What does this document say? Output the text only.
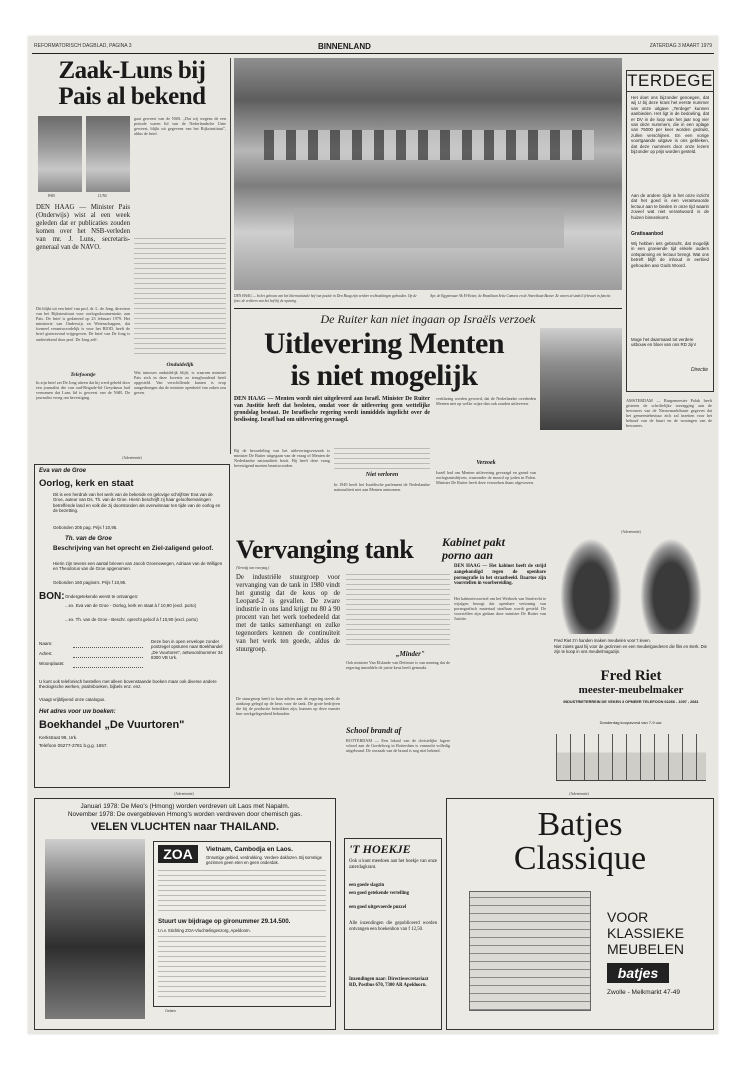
REFORMATORISCH DAGBLAD, PAGINA 3	BINNENLAND	ZATERDAG 3 MAART 1979
Zaak-Luns bij
Pais al bekend
PAIS	LUNS
DEN HAAG — Minister Pais (Onderwijs) wist al een week geleden dat er publicaties zouden komen over het NSB-verleden van mr. J. Luns, secretaris-generaal van de NAVO.
Dit blijkt uit een brief van prof. dr. L. de Jong, directeur van het Rijksinstituut voor oorlogsdocumentatie, aan Pais. De brief is gedateerd op 23 februari 1979. Het ministerie van Onderwijs en Wetenschappen, dat formeel verantwoordelijk is voor het RIOD, heeft de brief gisteravond vrijgegeven. De brief van De Jong is ondertekend door prof. De Jong zelf.
Telefoontje
In zijn brief zet De Jong uiteen dat hij werd gebeld door een journalist die van oud-Brigade-lid Greydanus had vernomen dat Luns lid is geweest van de NSB. De journalist vroeg om bevestiging.
gaat geweest van de NSB. „Dat wij wegens de een periode waren lid van de Nederlandsche Unie geweest, blijkt uit gegevens van het Rijksinstituut", aldus de brief.
Onduidelijk
Wat intussen onduidelijk blijft, is waarom minister Pais zich in deze kwestie zo terughoudend heeft opgesteld. Van verschillende kanten is erop aangedrongen dat de minister openheid van zaken zou geven.
DEN HAAG — In het gebouw van het Internationale hof van justitie in Den Haag zijn verdere rechtszittingen gehouden. Op de foto: de rechters van het hof bij de opening.
Apr. de Egyptenaar Ab El-Erian; de Braziliaan Sette Camara en de Amerikaan Baxter. Ze waren al sinds 6 februari in functie.
TERDEGE
Het doet ons bijzonder genoegen, dat wij U bij deze krant het eerste nummer van onze uitgave „Terdege" kunnen aanbieden. Het ligt in de bedoeling, dat er DV in de loop van het jaar nog vier van deze nummers, die in een oplage van 75000 per keer worden gedrukt, zullen verschijnen. En een vorige voortgaande uitgave is ons gebleken, dat deze nummers door onze lezers bijzonder op prijs worden gesteld.
Aan de andere zijde is het onze inzicht dat het goed is een verantwoorde lectuur aan te bieden in onze tijd waarin zoveel wat niet verantwoord is de huizen binnenkomt.
Gratisaanbod
Wij hebben iets gebracht, dat mogelijk in een groeiende tijd enkele ouders ontspanning en lectuur brengt. Wat ons betreft blijft de inhoud in eerbied gehouden aan Gods Woord.
Moge het daarmaast tot verdere uitbouw en bloei van ons RD zijn!
Directie
AMSTERDAM — Burgemeester Polak heeft gisteren de schriftelijke toezegging aan de bewoners van de Nieuwmarktbuurt gegeven dat het gemeentebestuur zich zal inzetten voor het behoud van de buurt en de woningen van de bewoners.
De Ruiter kan niet ingaan op Israëls verzoek
Uitlevering Menten
is niet mogelijk
DEN HAAG — Menten wordt niet uitgeleverd aan Israël. Minister De Ruiter van Justitie heeft dat besloten, omdat voor de uitlevering geen wettelijke grondslag bestaat. De Israëlische regering wordt inmiddels ingelicht over de beslissing. Israël had om uitlevering gevraagd.
verklaring werden gevoerd, dat de Nederlandse overheden Menten niet op welke wijze dan ook zouden uitleveren.
Bij de beoordeling van het uitleveringsverzoek is minister De Ruiter uitgegaan van de vraag of Menten de Nederlandse nationaliteit bezit. Hij heeft deze vraag bevestigend moeten beantwoorden.
Niet verloren
In 1949 heeft het Israëlische parlement de Nederlandse nationaliteit niet aan Menten ontnomen.
Verzoek
Israël had om Menten uitlevering gevraagd en grond van oorlogsmisdrijven, waaronder de moord op joden in Polen. Minister De Ruiter heeft deze verzoeken thans afgewezen.
(Advertentie)
Eva van de Groe
Oorlog, kerk en staat
Dit is een herdruk van het werk van de bekende en gelovige schrijfster Eva van de Groe, auteur van Ds. Th. van de Groe. Hierin beschrijft zij haar geloofservaringen betreffende land en volk die zij doorstonden als overwinnaar ten tijde van de oorlog en de bezetting.
Gebonden 205 pag. Prijs f 10,95.
Th. van de Groe
Beschrijving van het oprecht en Ziel-zaligend geloof.
Hierin zijn tevens een aantal brieven van Jacob Groenewegen, Adriaan van de Willigen en Theodorus van de Groe opgenomen.
Gebonden 160 pagina's. Prijs f 10,95.
BON: Ondergetekende wenst te ontvangen:
...ex. Eva van de Groe - Oorlog, kerk en staat à f 10,90 (excl. porto)
...ex. Th. van de Groe - Beschr. oprecht geloof à f 10,90 (excl. porto)
Naam:
Adres:
Woonplaats:
Deze bon in open envelope zonder postzegel opsturen naar Boekhandel „De Vuurtoren", antwoordnummer 34 8300 VB Urk.
U kunt ook telefonisch bestellen met alleen bovenstaande boeken maar ook diverse andere theologische werken, psalmboeken, bijbels enz. enz.
Vraagt vrijblijvend onze catalogus.
Het adres voor uw boeken:
Boekhandel „De Vuurtoren"
Kerkstraat 99, Urk.
Telefoon 05277-2781 b.g.g. 1657.
Vervanging tank
(Vervolg van voorpag.)
De industriële stuurgroep voor vervanging van de tank in 1980 vindt het gunstig dat de keus op de Leopard-2 is gevallen. De zware industrie in ons land krijgt nu 80 à 90 procent van het werk toebedeeld dat met de tanks samenhangt en zulke tegenorders kennen de continuïteit van het werk ten goede, aldus de stuurgroep.
De stuurgroep heeft in haar advies aan de regering steeds de aankoop gelegd op de keus voor de tank. De grote bedrijven die bij de productie betrokken zijn, kunnen op deze manier hun werkgelegenheid behouden.
„Minder"
Ook minister Van Elslande van Defensie is van mening dat de regering inmiddels de juiste keus heeft gemaakt.
School brandt af
ROTTERDAM — Een lokaal van de christelijke lagere school aan de Gordelweg in Rotterdam is vannacht volledig uitgebrand. De oorzaak van de brand is nog niet bekend.
Kabinet pakt
porno aan
DEN HAAG — Het kabinet heeft de strijd aangekondigd tegen de openbare pornografie in het straatbeeld. Daartoe zijn voorstellen in voorbereiding.
Het kabinetsvoorstel om het Wetboek van Strafrecht te wijzigen beoogt dat openbare vertoning van pornografisch materiaal strafbaar wordt gesteld. De voorstellen zijn gedaan door minister De Ruiter van Justitie.
(Advertentie)
Fred Riet z'n handen maken meubelen voor 't leven.
Niet zoiets gaat hij voor de gezinnen en een meubelgoederen die fiks en sterk. Die zijn te koop in ons meubelmagazijn.
Fred Riet
meester-meubelmaker
INDUSTRIETERREIN DE VEKEN 3 OPMEER TELEFOON 02266 - 1097 - 2681
Donderdag koopavond van 7-9 uur.
(Advertentie)
Januari 1978: De Meo's (Hmong) worden verdreven uit Laos met Napalm.
November 1978: De overgebleven Hmong's worden verdreven door chemisch gas.
VELEN VLUCHTEN naar THAILAND.
ZOA	Vietnam, Cambodja en Laos.
Onrustige gebied, verdrukking. Verdere daklozen. Bij sommige gezinnen geen eten en geen onderdak.
Stuurt uw bijdrage op gironummer 29.14.500.
t.n.v. Stichting ZOA-Vluchtelingenzorg, Apeldoorn.
Oxfam
'T HOEKJE
Ook u kunt meedoen aan het hoekje van onze zaterdagkrant.
een goede slagzin
een goed getekende vertelling
een goed uitgevoerde puzzel
Alle inzendingen die gepubliceerd worden ontvangen een boekenbon van f 12,50.
Inzendingen naar: Directiesecretariaat RD, Postbus 670, 7300 AR Apeldoorn.
(Advertentie)
Batjes
Classique
VOOR
KLASSIEKE
MEUBELEN
batjes
Zwolle - Melkmarkt 47-49
